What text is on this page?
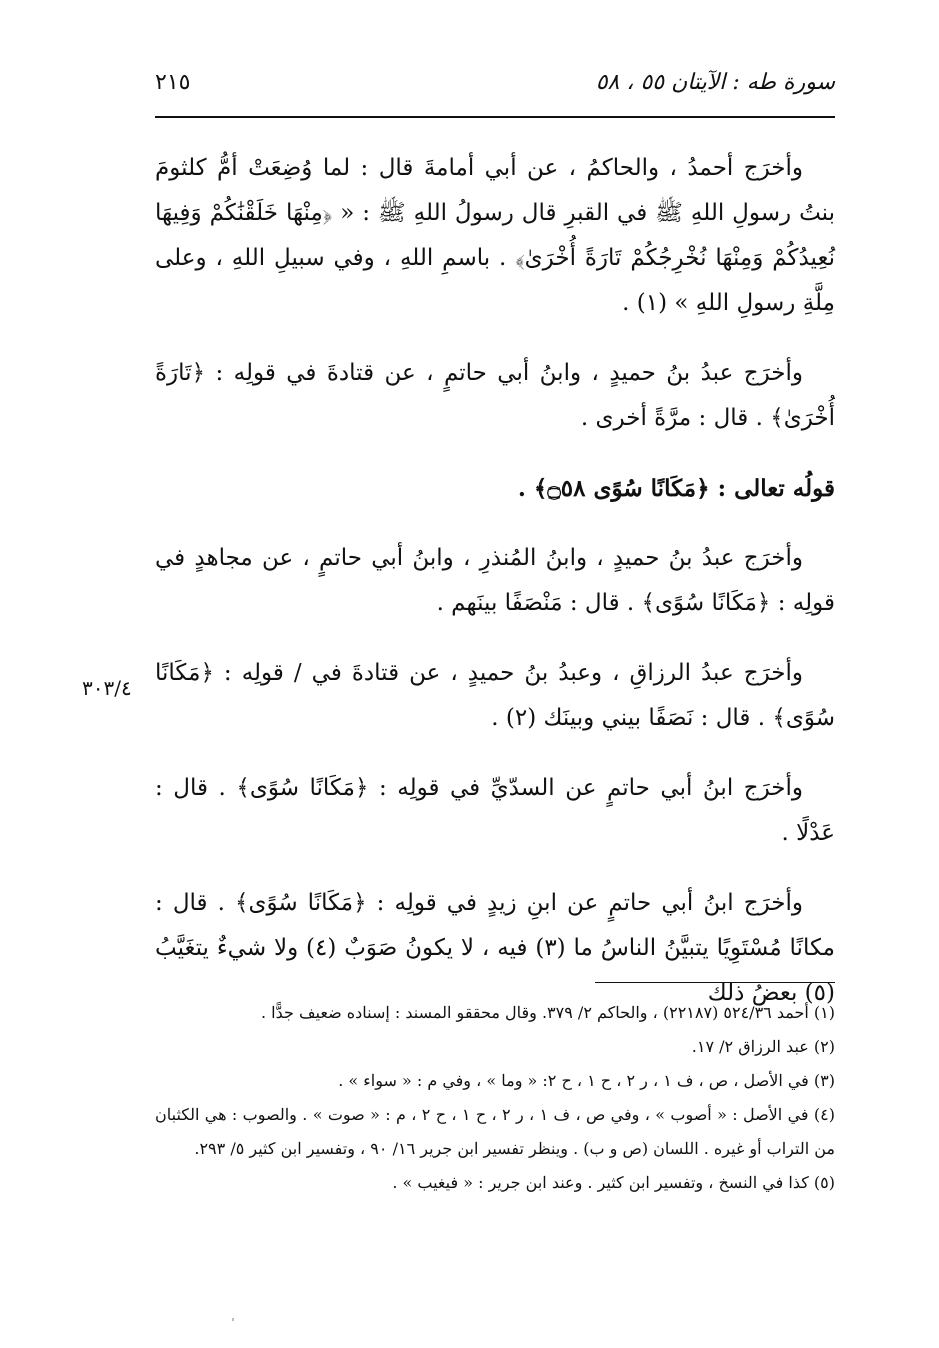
سورة طه : الآيتان ٥٥ ، ٥٨
٢١٥

وأخرَج أحمدُ ، والحاكمُ ، عن أبي أمامةَ قال : لما وُضِعَتْ أمُّ كلثومَ بنتُ رسولِ اللهِ ﷺ في القبرِ قال رسولُ اللهِ ﷺ : « ﴿مِنْهَا خَلَقْنَٰكُمْ وَفِيهَا نُعِيدُكُمْ وَمِنْهَا نُخْرِجُكُمْ تَارَةً أُخْرَىٰ﴾ . باسمِ اللهِ ، وفي سبيلِ اللهِ ، وعلى مِلَّةِ رسولِ اللهِ » (١) .

وأخرَج عبدُ بنُ حميدٍ ، وابنُ أبي حاتمٍ ، عن قتادةَ في قولِه : ﴿تَارَةً أُخْرَىٰ﴾ . قال : مرَّةً أخرى .

قولُه تعالى : ﴿مَكَانًا سُوًى ۝٥٨﴾ .

وأخرَج عبدُ بنُ حميدٍ ، وابنُ المُنذرِ ، وابنُ أبي حاتمٍ ، عن مجاهدٍ في قولِه : ﴿مَكَانًا سُوًى﴾ . قال : مَنْصَفًا بينَهم .

وأخرَج عبدُ الرزاقِ ، وعبدُ بنُ حميدٍ ، عن قتادةَ في / قولِه : ﴿مَكَانًا سُوًى﴾ . قال : نَصَفًا بيني وبينَك (٢) .

وأخرَج ابنُ أبي حاتمٍ عن السدّيِّ في قولِه : ﴿مَكَانًا سُوًى﴾ . قال : عَدْلًا .

وأخرَج ابنُ أبي حاتمٍ عن ابنِ زيدٍ في قولِه : ﴿مَكَانًا سُوًى﴾ . قال : مكانًا مُسْتَوِيًا يتبيَّنُ الناسُ ما (٣) فيه ، لا يكونُ صَوَبٌ (٤) ولا شيءٌ يتغَيَّبُ (٥) بعضُ ذلك

٣٠٣/٤
(١) أحمد ٥٢٤/٣٦ (٢٢١٨٧) ، والحاكم ٢/ ٣٧٩. وقال محققو المسند : إسناده ضعيف جدًّا .
(٢) عبد الرزاق ٢/ ١٧.
(٣) في الأصل ، ص ، ف ١ ، ر ٢ ، ح ١ ، ح ٢: « وما » ، وفي م : « سواء » .
(٤) في الأصل : « أصوب » ، وفي ص ، ف ١ ، ر ٢ ، ح ١ ، ح ٢ ، م : « صوت » . والصوب : هي الكثبان من التراب أو غيره . اللسان (ص و ب) . وينظر تفسير ابن جرير ١٦/ ٩٠ ، وتفسير ابن كثير ٥/ ٢٩٣.
(٥) كذا في النسخ ، وتفسير ابن كثير . وعند ابن جرير : « فيغيب » .
